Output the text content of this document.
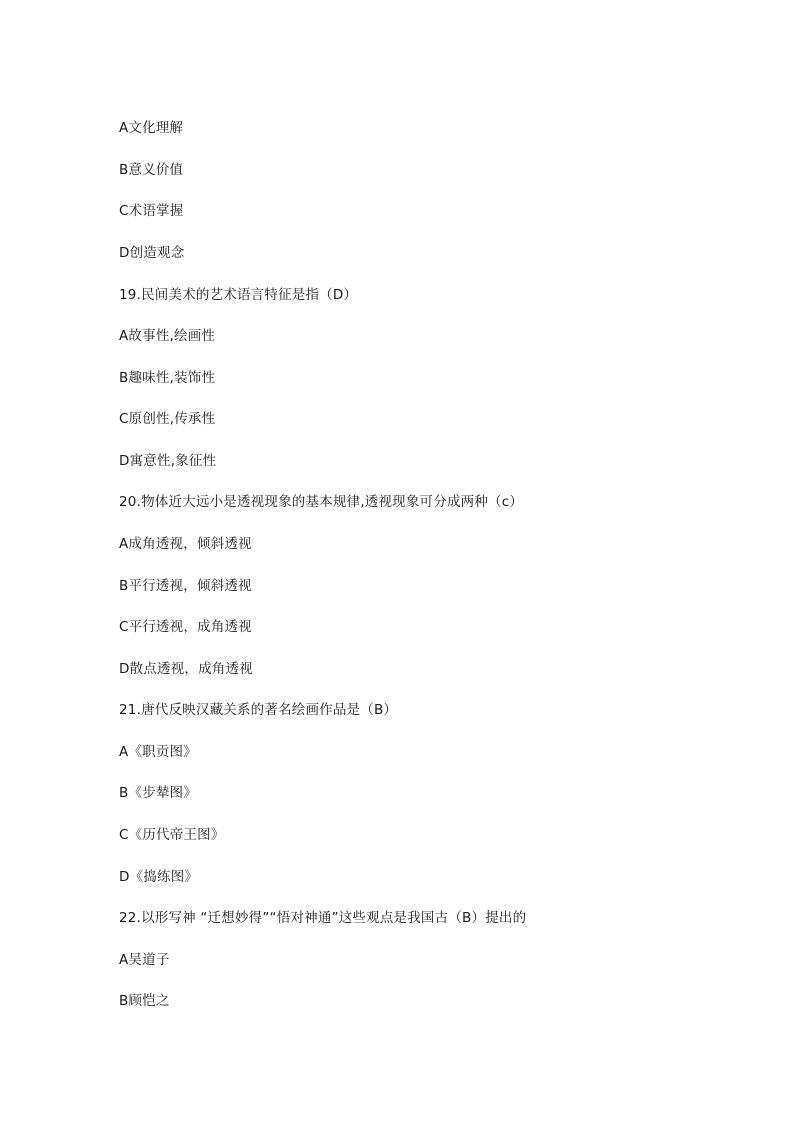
A文化理解
B意义价值
C术语掌握
D创造观念
19.民间美术的艺术语言特征是指（D）
A故事性,绘画性
B趣味性,装饰性
C原创性,传承性
D寓意性,象征性
20.物体近大远小是透视现象的基本规律,透视现象可分成两种（c）
A成角透视，倾斜透视
B平行透视，倾斜透视
C平行透视，成角透视
D散点透视，成角透视
21.唐代反映汉藏关系的著名绘画作品是（B）
A《职贡图》
B《步辇图》
C《历代帝王图》
D《捣练图》
22.以形写神 “迁想妙得”“悟对神通”这些观点是我国古（B）提出的
A吴道子
B顾恺之
